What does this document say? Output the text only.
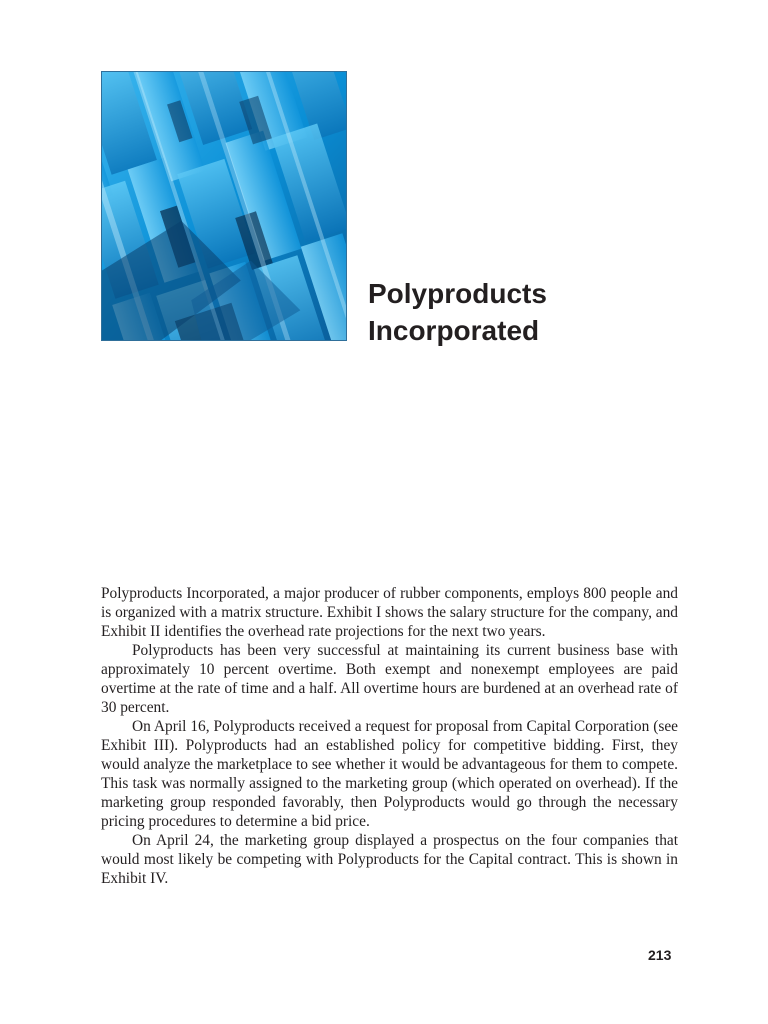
Polyproducts
Incorporated

Polyproducts Incorporated, a major producer of rubber components, employs 800 people and is organized with a matrix structure. Exhibit I shows the salary structure for the company, and Exhibit II identifies the overhead rate projections for the next two years.

Polyproducts has been very successful at maintaining its current business base with approximately 10 percent overtime. Both exempt and nonexempt employees are paid overtime at the rate of time and a half. All overtime hours are burdened at an overhead rate of 30 percent.

On April 16, Polyproducts received a request for proposal from Capital Corporation (see Exhibit III). Polyproducts had an established policy for competitive bidding. First, they would analyze the marketplace to see whether it would be advantageous for them to compete. This task was normally assigned to the marketing group (which operated on overhead). If the marketing group responded favorably, then Polyproducts would go through the necessary pricing procedures to determine a bid price.

On April 24, the marketing group displayed a prospectus on the four companies that would most likely be competing with Polyproducts for the Capital contract. This is shown in Exhibit IV.

213
